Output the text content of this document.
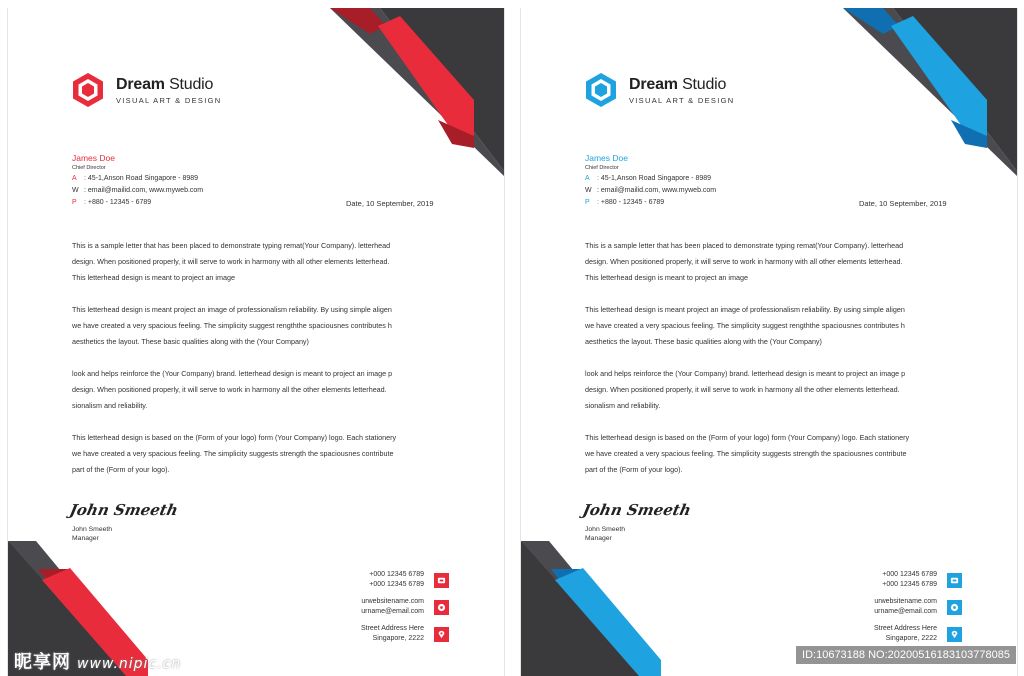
Dream Studio
VISUAL ART & DESIGN
James Doe
Chief Director
A : 45-1,Anson Road Singapore - 8989
W : email@mailid.com, www.myweb.com
P : +880 - 12345 - 6789	Date, 10 September, 2019

This is a sample letter that has been placed to demonstrate typing remat(Your Company). letterhead
design. When positioned properly, it will serve to work in harmony with all other elements letterhead.
This letterhead design is meant to project an image

This letterhead design is meant project an image of professionalism reliability. By using simple aligen
we have created a very spacious feeling. The simplicity suggest rengththe spaciousnes contributes h
aesthetics the layout. These basic qualities along with the (Your Company)

look and helps reinforce the (Your Company) brand. letterhead design is meant to project an image p
design. When positioned properly, it will serve to work in harmony all the other elements letterhead.
sionalism and reliability.

This letterhead design is based on the (Form of your logo) form (Your Company) logo. Each stationery
we have created a very spacious feeling. The simplicity suggests strength the spaciousnes contribute
part of the (Form of your logo).

John Smeeth
John Smeeth
Manager
+000 12345 6789
+000 12345 6789
urwebsitename.com
urname@email.com
Street Address Here
Singapore, 2222
Dream Studio
VISUAL ART & DESIGN
James Doe
Chief Director
A : 45-1,Anson Road Singapore - 8989
W : email@mailid.com, www.myweb.com
P : +880 - 12345 - 6789	Date, 10 September, 2019

This is a sample letter that has been placed to demonstrate typing remat(Your Company). letterhead
design. When positioned properly, it will serve to work in harmony with all other elements letterhead.
This letterhead design is meant to project an image

This letterhead design is meant project an image of professionalism reliability. By using simple aligen
we have created a very spacious feeling. The simplicity suggest rengththe spaciousnes contributes h
aesthetics the layout. These basic qualities along with the (Your Company)

look and helps reinforce the (Your Company) brand. letterhead design is meant to project an image p
design. When positioned properly, it will serve to work in harmony all the other elements letterhead.
sionalism and reliability.

This letterhead design is based on the (Form of your logo) form (Your Company) logo. Each stationery
we have created a very spacious feeling. The simplicity suggests strength the spaciousnes contribute
part of the (Form of your logo).

John Smeeth
John Smeeth
Manager
+000 12345 6789
+000 12345 6789
urwebsitename.com
urname@email.com
Street Address Here
Singapore, 2222
昵享网 www.nipic.cn
ID:10673188 NO:20200516183103778085
